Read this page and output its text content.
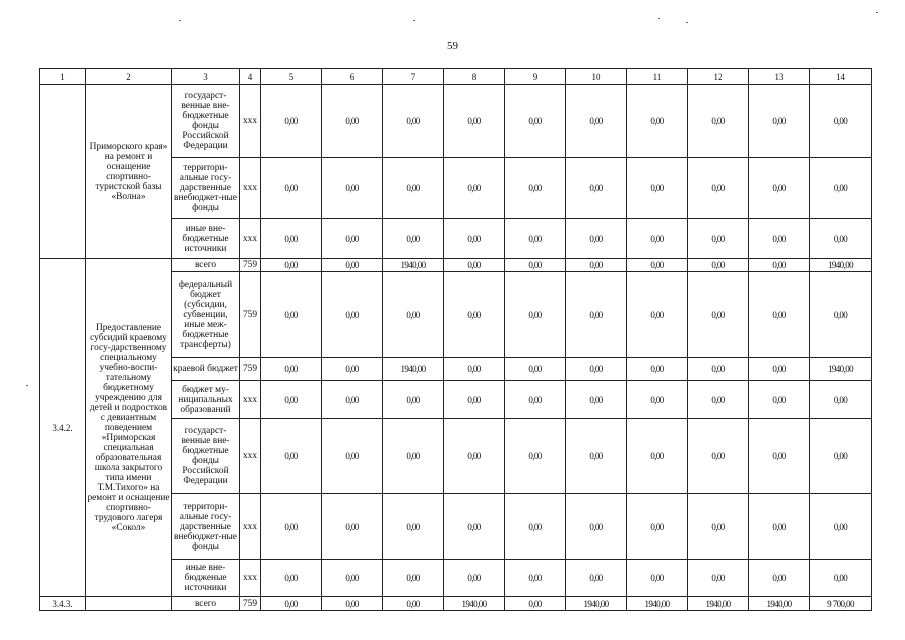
59
1	2	3	4	5	6	7	8	9	10	11	12	13	14
	Приморского края» на ремонт и оснащение спортивно-туристской базы «Волна»	государст-венные вне-бюджетные фонды Российской Федерации	xxx	0,00	0,00	0,00	0,00	0,00	0,00	0,00	0,00	0,00	0,00
		территори-альные госу-дарственные внебюджет-ные фонды	xxx	0,00	0,00	0,00	0,00	0,00	0,00	0,00	0,00	0,00	0,00
		иные вне-бюджетные источники	xxx	0,00	0,00	0,00	0,00	0,00	0,00	0,00	0,00	0,00	0,00
3.4.2.	Предоставление субсидий краевому госу-дарственному специальному учебно-воспи-тательному бюджетному учреждению для детей и подростков с девиантным поведением «Приморская специальная образовательная школа закрытого типа имени Т.М.Тихого» на ремонт и оснащение спортивно-трудового лагеря «Сокол»	всего	759	0,00	0,00	1940,00	0,00	0,00	0,00	0,00	0,00	0,00	1940,00
		федеральный бюджет (субсидии, субвенции, иные меж-бюджетные трансферты)	759	0,00	0,00	0,00	0,00	0,00	0,00	0,00	0,00	0,00	0,00
		краевой бюджет	759	0,00	0,00	1940,00	0,00	0,00	0,00	0,00	0,00	0,00	1940,00
		бюджет му-ниципальных образований	xxx	0,00	0,00	0,00	0,00	0,00	0,00	0,00	0,00	0,00	0,00
		государст-венные вне-бюджетные фонды Российской Федерации	xxx	0,00	0,00	0,00	0,00	0,00	0,00	0,00	0,00	0,00	0,00
		территори-альные госу-дарственные внебюджет-ные фонды	xxx	0,00	0,00	0,00	0,00	0,00	0,00	0,00	0,00	0,00	0,00
		иные вне-бюдженые источники	xxx	0,00	0,00	0,00	0,00	0,00	0,00	0,00	0,00	0,00	0,00
3.4.3.		всего	759	0,00	0,00	0,00	1940,00	0,00	1940,00	1940,00	1940,00	1940,00	9 700,00
